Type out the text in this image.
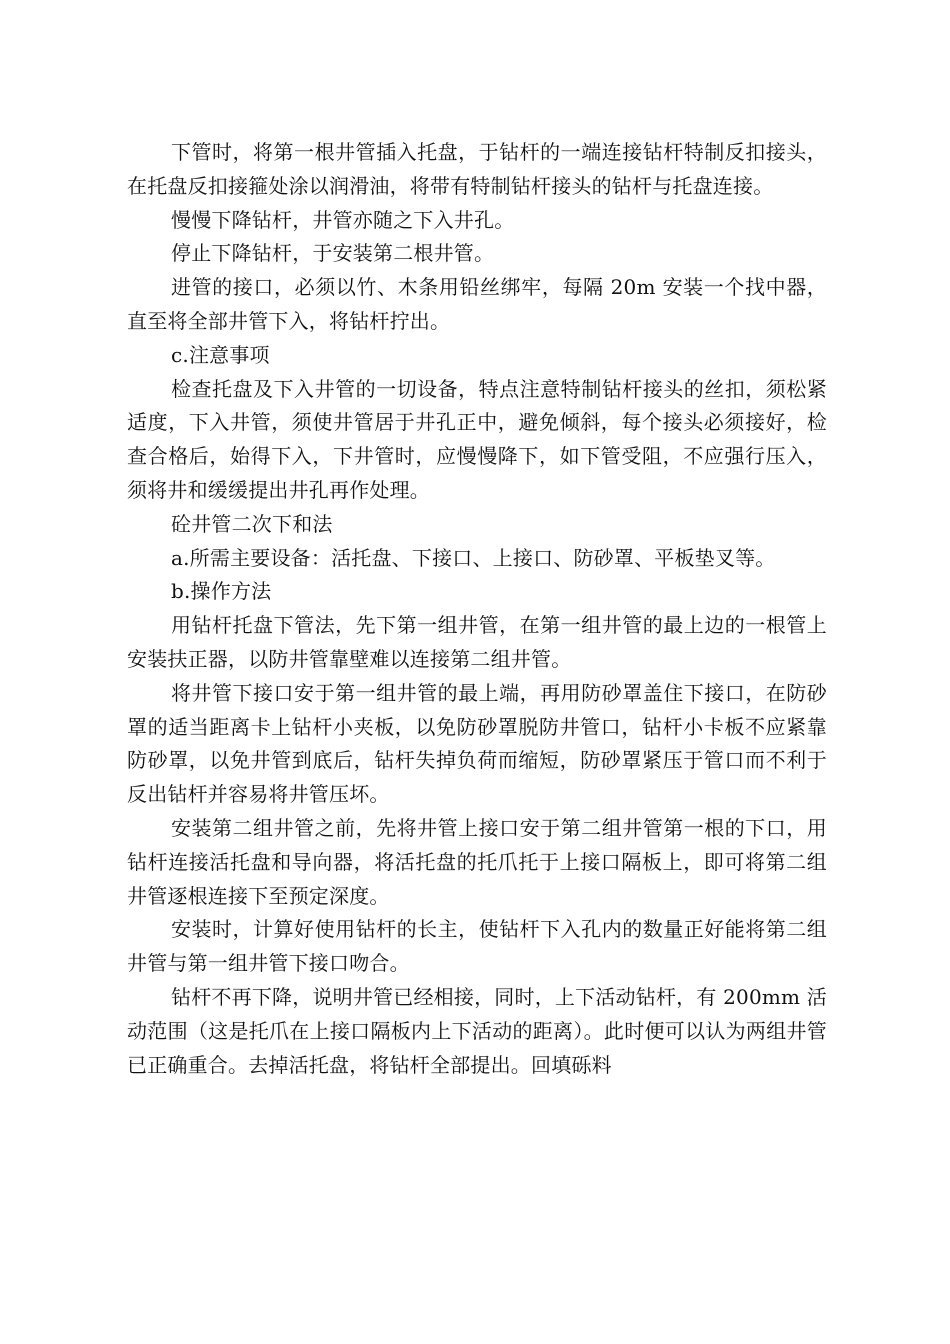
下管时，将第一根井管插入托盘，于钻杆的一端连接钻杆特制反扣接头，在托盘反扣接箍处涂以润滑油，将带有特制钻杆接头的钻杆与托盘连接。

慢慢下降钻杆，井管亦随之下入井孔。

停止下降钻杆，于安装第二根井管。

进管的接口，必须以竹、木条用铅丝绑牢，每隔 20m 安装一个找中器，直至将全部井管下入，将钻杆拧出。

c.注意事项

检查托盘及下入井管的一切设备，特点注意特制钻杆接头的丝扣，须松紧适度，下入井管，须使井管居于井孔正中，避免倾斜，每个接头必须接好，检查合格后，始得下入，下井管时，应慢慢降下，如下管受阻，不应强行压入，须将井和缓缓提出井孔再作处理。

砼井管二次下和法

a.所需主要设备：活托盘、下接口、上接口、防砂罩、平板垫叉等。

b.操作方法

用钻杆托盘下管法，先下第一组井管，在第一组井管的最上边的一根管上安装扶正器，以防井管靠壁难以连接第二组井管。

将井管下接口安于第一组井管的最上端，再用防砂罩盖住下接口，在防砂罩的适当距离卡上钻杆小夹板，以免防砂罩脱防井管口，钻杆小卡板不应紧靠防砂罩，以免井管到底后，钻杆失掉负荷而缩短，防砂罩紧压于管口而不利于反出钻杆并容易将井管压坏。

安装第二组井管之前，先将井管上接口安于第二组井管第一根的下口，用钻杆连接活托盘和导向器，将活托盘的托爪托于上接口隔板上，即可将第二组井管逐根连接下至预定深度。

安装时，计算好使用钻杆的长主，使钻杆下入孔内的数量正好能将第二组井管与第一组井管下接口吻合。

钻杆不再下降，说明井管已经相接，同时，上下活动钻杆，有 200mm 活动范围（这是托爪在上接口隔板内上下活动的距离）。此时便可以认为两组井管已正确重合。去掉活托盘，将钻杆全部提出。回填砾料
